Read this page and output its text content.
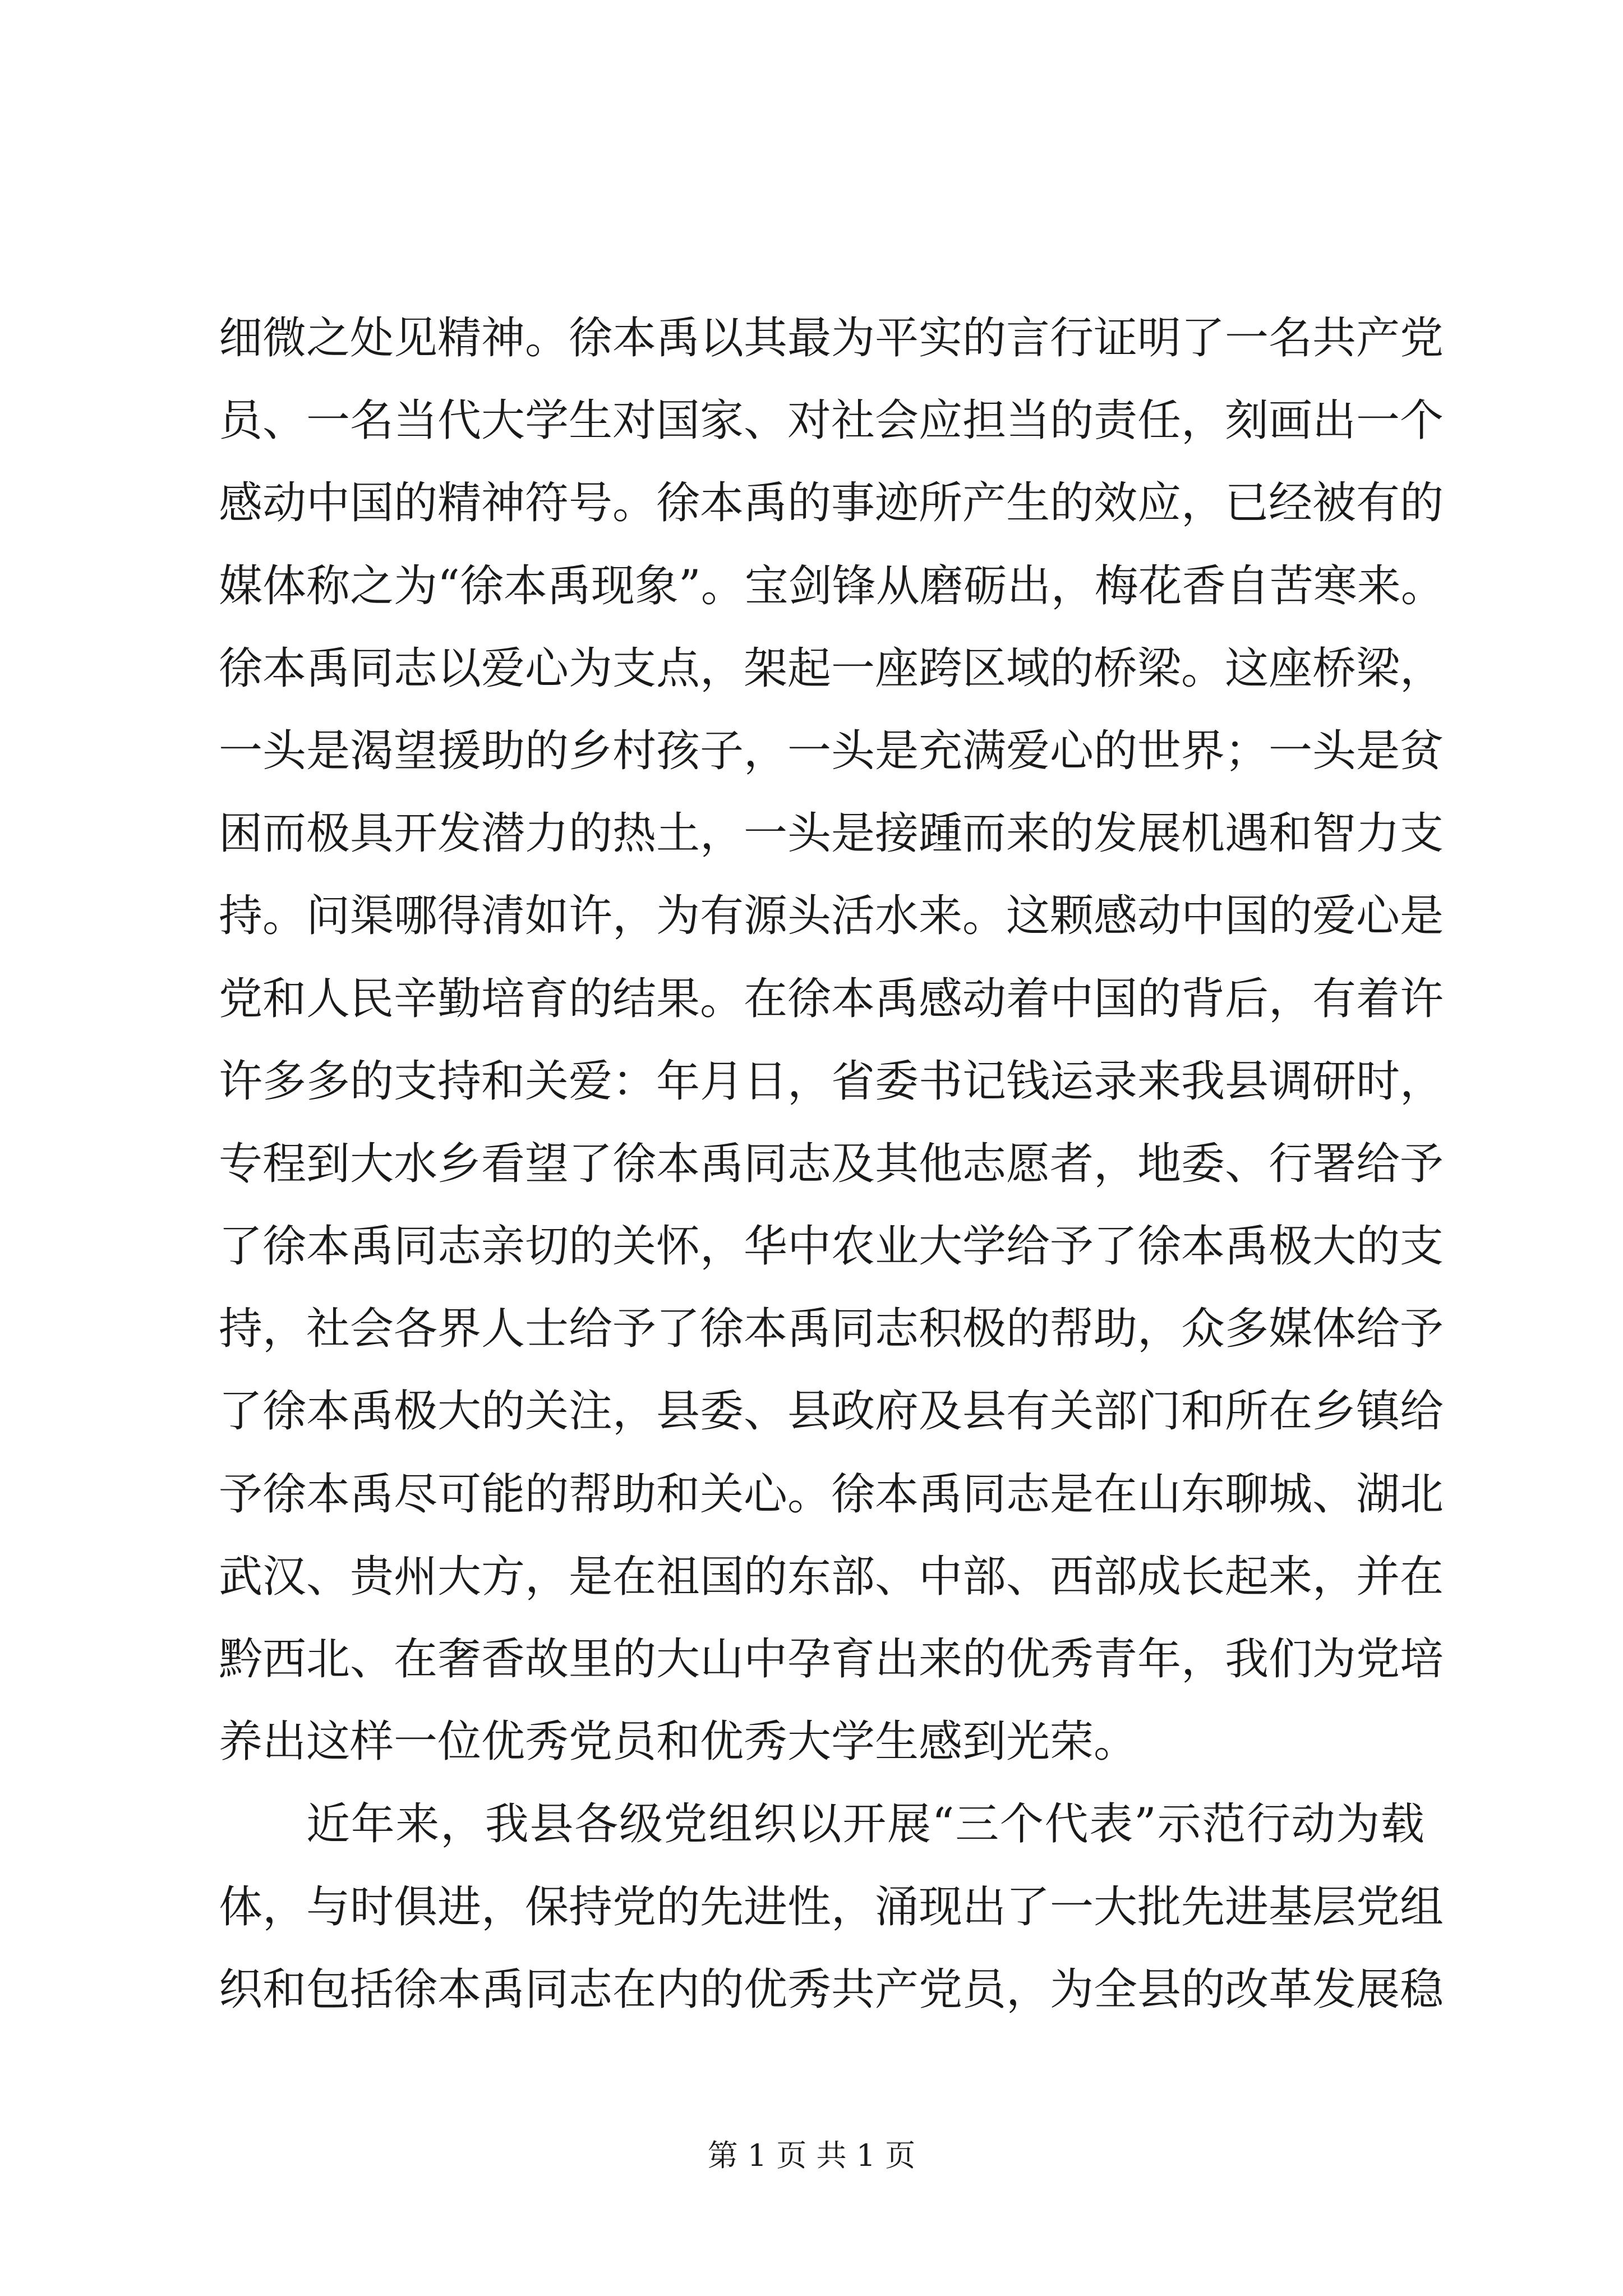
细微之处见精神。徐本禹以其最为平实的言行证明了一名共产党
员、一名当代大学生对国家、对社会应担当的责任，刻画出一个
感动中国的精神符号。徐本禹的事迹所产生的效应，已经被有的
媒体称之为“徐本禹现象”。宝剑锋从磨砺出，梅花香自苦寒来。
徐本禹同志以爱心为支点，架起一座跨区域的桥梁。这座桥梁，
一头是渴望援助的乡村孩子，一头是充满爱心的世界；一头是贫
困而极具开发潜力的热土，一头是接踵而来的发展机遇和智力支
持。问渠哪得清如许，为有源头活水来。这颗感动中国的爱心是
党和人民辛勤培育的结果。在徐本禹感动着中国的背后，有着许
许多多的支持和关爱：年月日，省委书记钱运录来我县调研时，
专程到大水乡看望了徐本禹同志及其他志愿者，地委、行署给予
了徐本禹同志亲切的关怀，华中农业大学给予了徐本禹极大的支
持，社会各界人士给予了徐本禹同志积极的帮助，众多媒体给予
了徐本禹极大的关注，县委、县政府及县有关部门和所在乡镇给
予徐本禹尽可能的帮助和关心。徐本禹同志是在山东聊城、湖北
武汉、贵州大方，是在祖国的东部、中部、西部成长起来，并在
黔西北、在奢香故里的大山中孕育出来的优秀青年，我们为党培
养出这样一位优秀党员和优秀大学生感到光荣。
近年来，我县各级党组织以开展“三个代表”示范行动为载
体，与时俱进，保持党的先进性，涌现出了一大批先进基层党组
织和包括徐本禹同志在内的优秀共产党员，为全县的改革发展稳
第 1 页 共 1 页
